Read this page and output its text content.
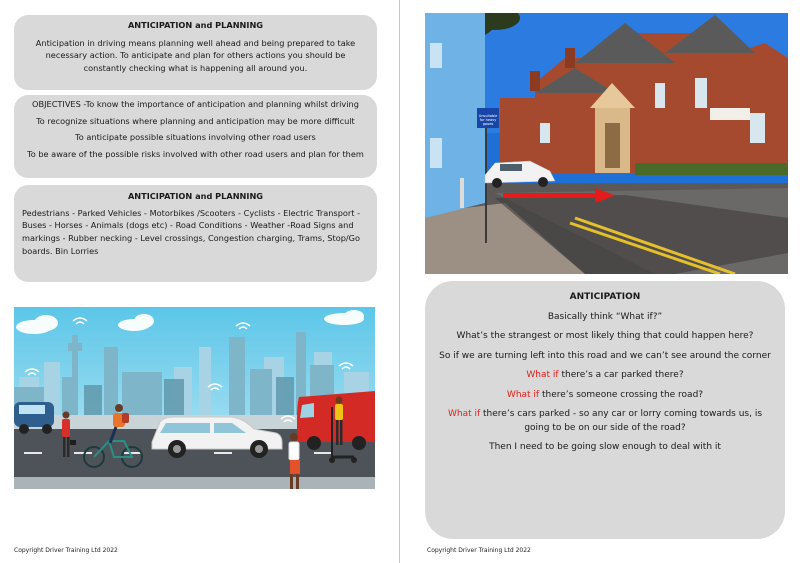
ANTICIPATION and PLANNING
Anticipation in driving means planning well ahead and being prepared to take necessary action. To anticipate and plan for others actions you should be constantly checking what is happening all around you.

OBJECTIVES -To know the importance of anticipation and planning whilst driving

To recognize situations where planning and anticipation may be more difficult

To anticipate possible situations involving other road users

To be aware of the possible risks involved with other road users and plan for them

ANTICIPATION and PLANNING
Pedestrians - Parked Vehicles - Motorbikes /Scooters - Cyclists - Electric Transport - Buses - Horses - Animals (dogs etc) - Road Conditions - Weather -Road Signs and markings - Rubber necking - Level crossings, Congestion charging, Trams, Stop/Go boards. Bin Lorries
Copyright Driver Training Ltd 2022
Unsuitable for heavy goods

ANTICIPATION

Basically think “What if?”

What’s the strangest or most likely thing that could happen here?

So if we are turning left into this road and we can’t see around the corner

What if there’s a car parked there?

What if there’s someone crossing the road?

What if there’s cars parked - so any car or lorry coming towards us, is going to be on our side of the road?

Then I need to be going slow enough to deal with it

Copyright Driver Training Ltd 2022
